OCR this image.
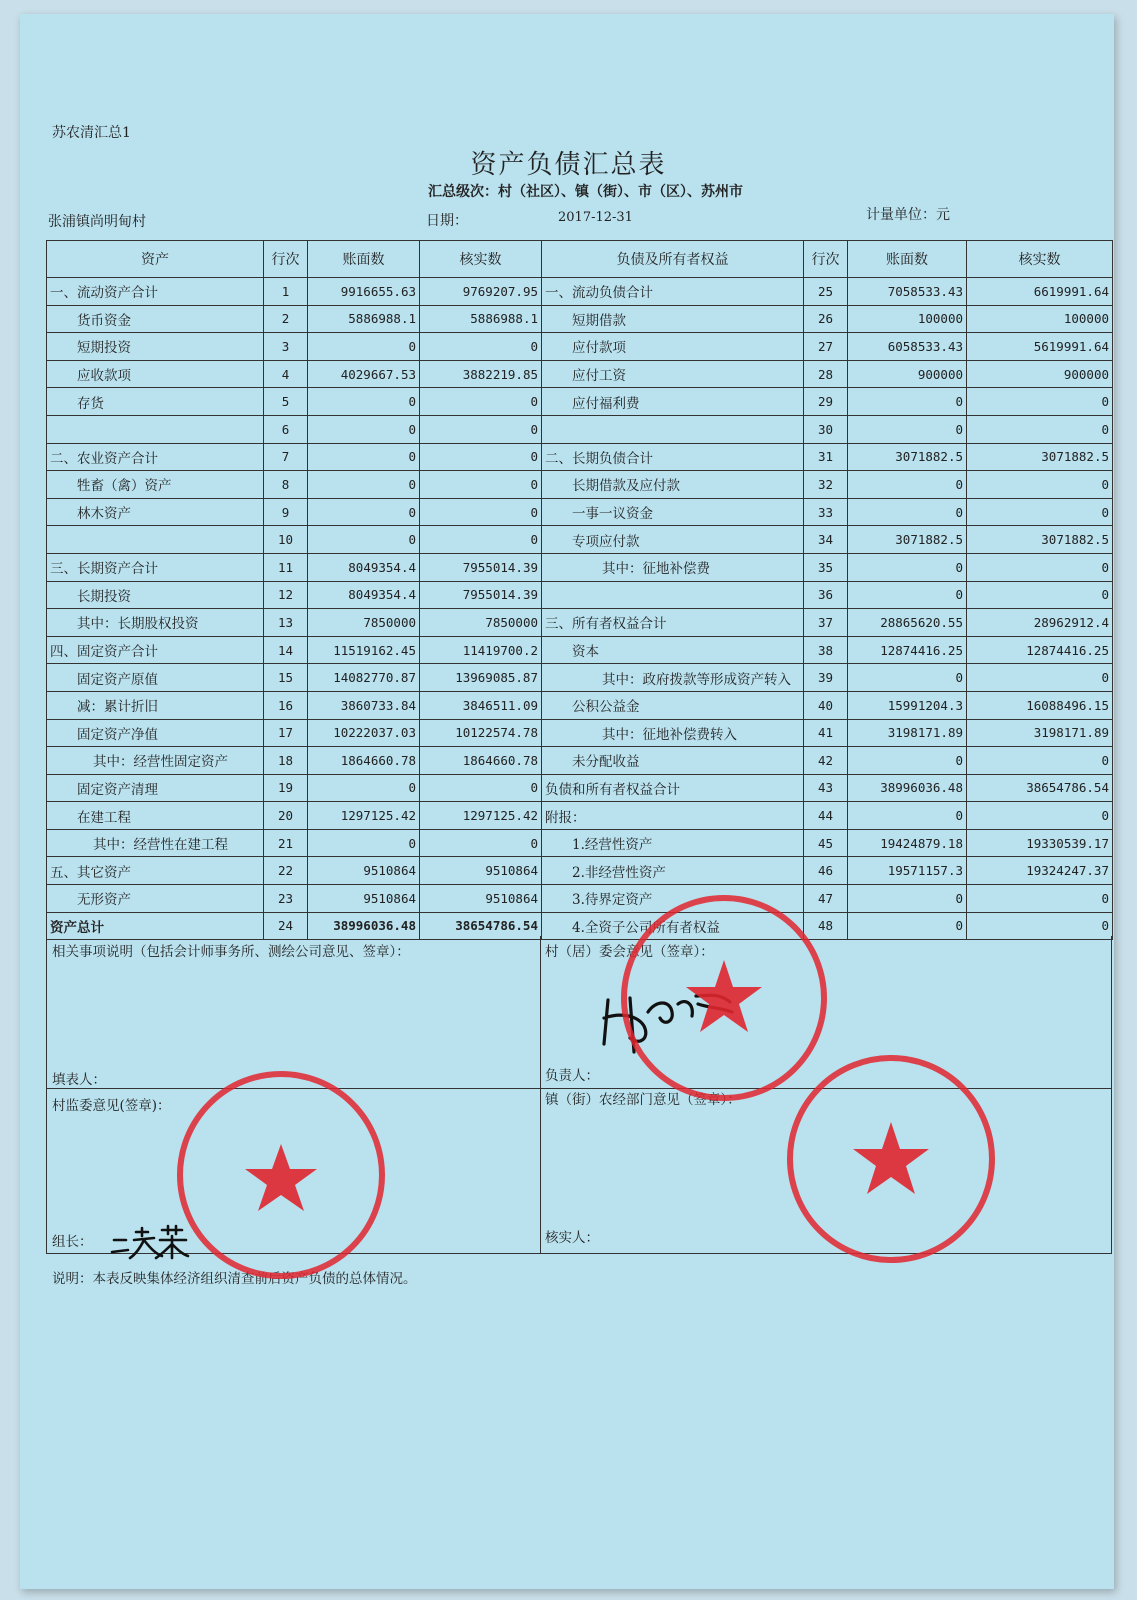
苏农清汇总1
资产负债汇总表
汇总级次：村（社区）、镇（街）、市（区）、苏州市
张浦镇尚明甸村	日期：	2017-12-31	计量单位：元
资产	行次	账面数	核实数	负债及所有者权益	行次	账面数	核实数
一、流动资产合计	1	9916655.63	9769207.95	一、流动负债合计	25	7058533.43	6619991.64
货币资金	2	5886988.1	5886988.1	短期借款	26	100000	100000
短期投资	3	0	0	应付款项	27	6058533.43	5619991.64
应收款项	4	4029667.53	3882219.85	应付工资	28	900000	900000
存货	5	0	0	应付福利费	29	0	0
	6	0	0		30	0	0
二、农业资产合计	7	0	0	二、长期负债合计	31	3071882.5	3071882.5
牲畜（禽）资产	8	0	0	长期借款及应付款	32	0	0
林木资产	9	0	0	一事一议资金	33	0	0
	10	0	0	专项应付款	34	3071882.5	3071882.5
三、长期资产合计	11	8049354.4	7955014.39	其中：征地补偿费	35	0	0
长期投资	12	8049354.4	7955014.39		36	0	0
其中：长期股权投资	13	7850000	7850000	三、所有者权益合计	37	28865620.55	28962912.4
四、固定资产合计	14	11519162.45	11419700.2	资本	38	12874416.25	12874416.25
固定资产原值	15	14082770.87	13969085.87	其中：政府拨款等形成资产转入	39	0	0
减：累计折旧	16	3860733.84	3846511.09	公积公益金	40	15991204.3	16088496.15
固定资产净值	17	10222037.03	10122574.78	其中：征地补偿费转入	41	3198171.89	3198171.89
其中：经营性固定资产	18	1864660.78	1864660.78	未分配收益	42	0	0
固定资产清理	19	0	0	负债和所有者权益合计	43	38996036.48	38654786.54
在建工程	20	1297125.42	1297125.42	附报：	44	0	0
其中：经营性在建工程	21	0	0	1.经营性资产	45	19424879.18	19330539.17
五、其它资产	22	9510864	9510864	2.非经营性资产	46	19571157.3	19324247.37
无形资产	23	9510864	9510864	3.待界定资产	47	0	0
资产总计	24	38996036.48	38654786.54	4.全资子公司所有者权益	48	0	0
相关事项说明（包括会计师事务所、测绘公司意见、签章）：	村（居）委会意见（签章）：
填表人：	负责人：
村监委意见(签章)：	镇（街）农经部门意见（签章）：
组长：	核实人：
说明：本表反映集体经济组织清查前后资产负债的总体情况。
